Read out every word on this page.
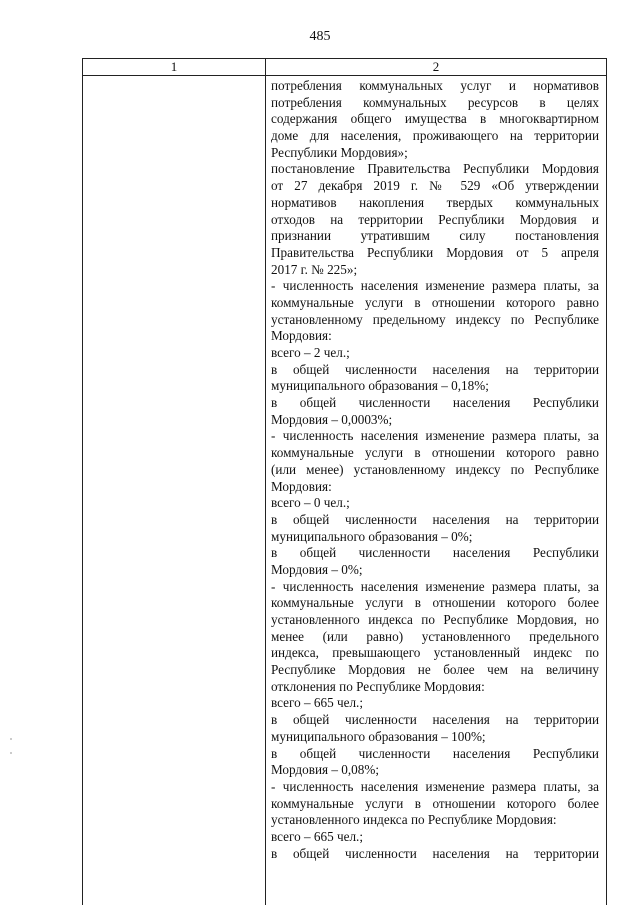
485
1	2
потребления коммунальных услуг и нормативов
потребления коммунальных ресурсов в целях
содержания общего имущества в многоквартирном
доме для населения, проживающего на территории
Республики Мордовия»;
постановление Правительства Республики Мордовия
от 27 декабря 2019 г. № 529 «Об утверждении
нормативов накопления твердых коммунальных
отходов на территории Республики Мордовия и
признании утратившим силу постановления
Правительства Республики Мордовия от 5 апреля
2017 г. № 225»;
- численность населения изменение размера платы, за
коммунальные услуги в отношении которого равно
установленному предельному индексу по Республике
Мордовия:
всего – 2 чел.;
в общей численности населения на территории
муниципального образования – 0,18%;
в общей численности населения Республики
Мордовия – 0,0003%;
- численность населения изменение размера платы, за
коммунальные услуги в отношении которого равно
(или менее) установленному индексу по Республике
Мордовия:
всего – 0 чел.;
в общей численности населения на территории
муниципального образования – 0%;
в общей численности населения Республики
Мордовия – 0%;
- численность населения изменение размера платы, за
коммунальные услуги в отношении которого более
установленного индекса по Республике Мордовия, но
менее (или равно) установленного предельного
индекса, превышающего установленный индекс по
Республике Мордовия не более чем на величину
отклонения по Республике Мордовия:
всего – 665 чел.;
в общей численности населения на территории
муниципального образования – 100%;
в общей численности населения Республики
Мордовия – 0,08%;
- численность населения изменение размера платы, за
коммунальные услуги в отношении которого более
установленного индекса по Республике Мордовия:
всего – 665 чел.;
в общей численности населения на территории
